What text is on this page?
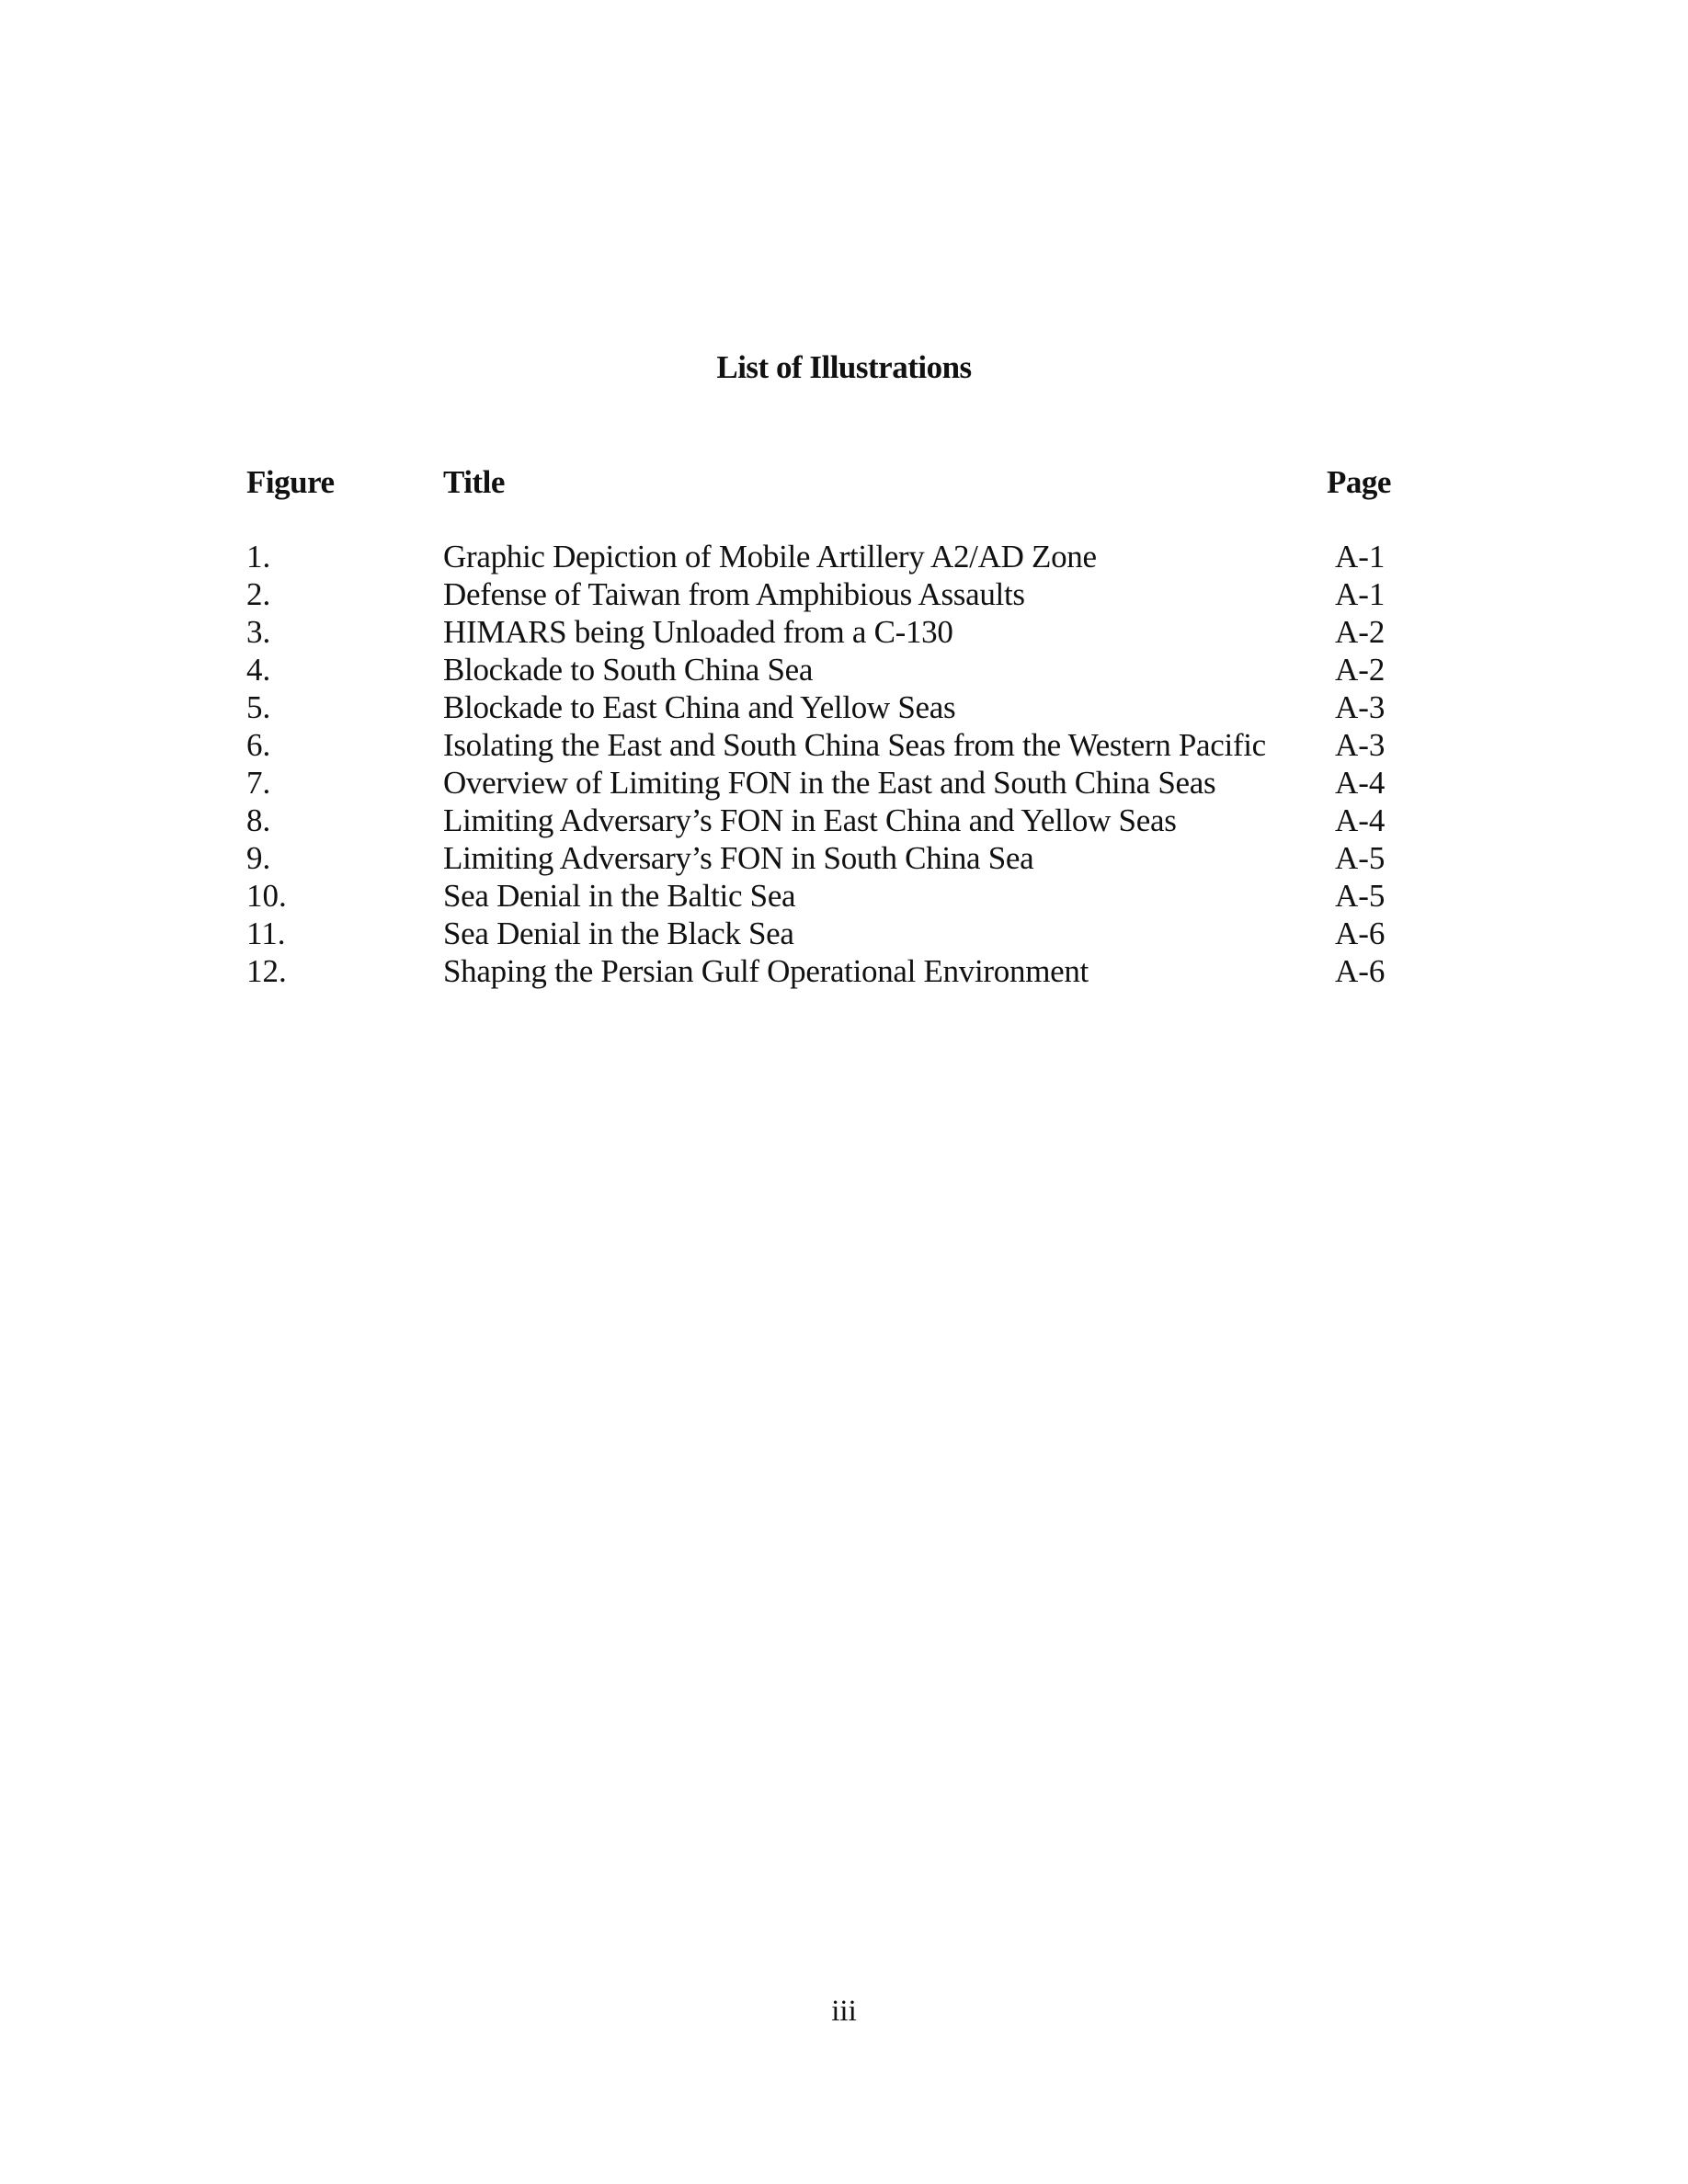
List of Illustrations
Figure	Title	Page
1.	Graphic Depiction of Mobile Artillery A2/AD Zone	A-1
2.	Defense of Taiwan from Amphibious Assaults	A-1
3.	HIMARS being Unloaded from a C-130	A-2
4.	Blockade to South China Sea	A-2
5.	Blockade to East China and Yellow Seas	A-3
6.	Isolating the East and South China Seas from the Western Pacific A-3
7.	Overview of Limiting FON in the East and South China Seas	A-4
8.	Limiting Adversary’s FON in East China and Yellow Seas	A-4
9.	Limiting Adversary’s FON in South China Sea	A-5
10.	Sea Denial in the Baltic Sea	A-5
11.	Sea Denial in the Black Sea	A-6
12.	Shaping the Persian Gulf Operational Environment	A-6
iii
